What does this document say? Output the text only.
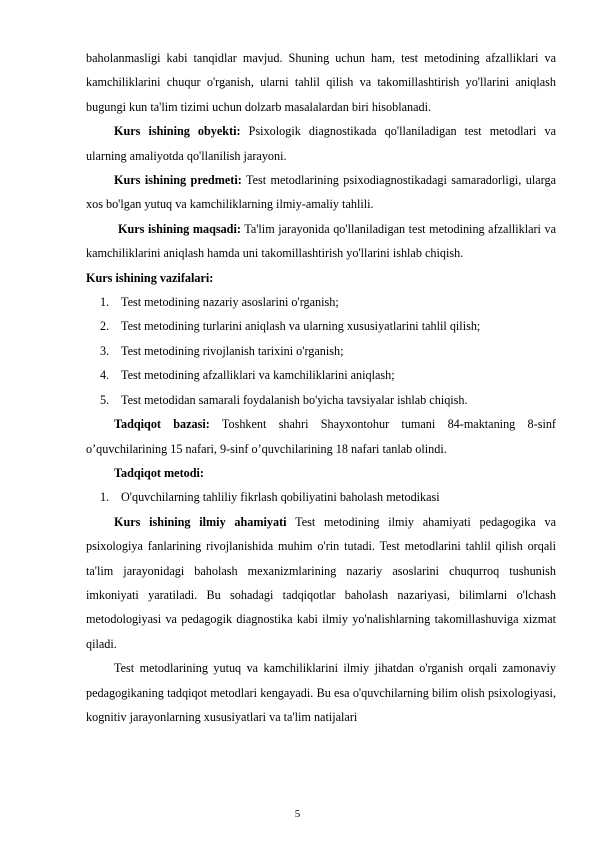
baholanmasligi kabi tanqidlar mavjud. Shuning uchun ham, test metodining afzalliklari va kamchiliklarini chuqur o'rganish, ularni tahlil qilish va takomillashtirish yo'llarini aniqlash bugungi kun ta'lim tizimi uchun dolzarb masalalardan biri hisoblanadi.

Kurs ishining obyekti: Psixologik diagnostikada qo'llaniladigan test metodlari va ularning amaliyotda qo'llanilish jarayoni.

Kurs ishining predmeti: Test metodlarining psixodiagnostikadagi samaradorligi, ularga xos bo'lgan yutuq va kamchiliklarning ilmiy-amaliy tahlili.

Kurs ishining maqsadi: Ta'lim jarayonida qo'llaniladigan test metodining afzalliklari va kamchiliklarini aniqlash hamda uni takomillashtirish yo'llarini ishlab chiqish.

Kurs ishining vazifalari:

1. Test metodining nazariy asoslarini o'rganish;
2. Test metodining turlarini aniqlash va ularning xususiyatlarini tahlil qilish;
3. Test metodining rivojlanish tarixini o'rganish;
4. Test metodining afzalliklari va kamchiliklarini aniqlash;
5. Test metodidan samarali foydalanish bo'yicha tavsiyalar ishlab chiqish.

Tadqiqot bazasi: Toshkent shahri Shayxontohur tumani 84-maktaning 8-sinf o’quvchilarining 15 nafari, 9-sinf o’quvchilarining 18 nafari tanlab olindi.

Tadqiqot metodi:

1. O'quvchilarning tahliliy fikrlash qobiliyatini baholash metodikasi

Kurs ishining ilmiy ahamiyati Test metodining ilmiy ahamiyati pedagogika va psixologiya fanlarining rivojlanishida muhim o'rin tutadi. Test metodlarini tahlil qilish orqali ta'lim jarayonidagi baholash mexanizmlarining nazariy asoslarini chuqurroq tushunish imkoniyati yaratiladi. Bu sohadagi tadqiqotlar baholash nazariyasi, bilimlarni o'lchash metodologiyasi va pedagogik diagnostika kabi ilmiy yo'nalishlarning takomillashuviga xizmat qiladi.

Test metodlarining yutuq va kamchiliklarini ilmiy jihatdan o'rganish orqali zamonaviy pedagogikaning tadqiqot metodlari kengayadi. Bu esa o'quvchilarning bilim olish psixologiyasi, kognitiv jarayonlarning xususiyatlari va ta'lim natijalari

5
